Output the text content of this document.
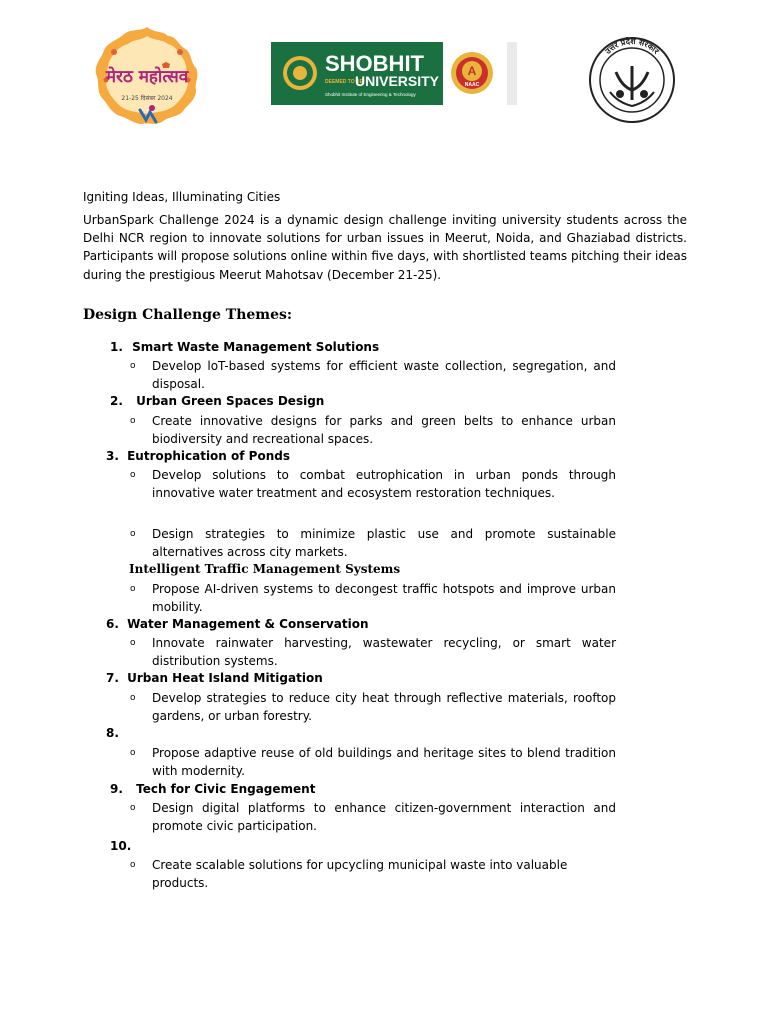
मेरठ महोत्सव
21-25 दिसंबर 2024
SHOBHIT
DEEMED TO BE
UNIVERSITY
Shobhit Institute of Engineering & Technology
A
NAAC
उत्तर प्रदेश सरकार
Igniting Ideas, Illuminating Cities
UrbanSpark Challenge 2024 is a dynamic design challenge inviting university students across the Delhi NCR region to innovate solutions for urban issues in Meerut, Noida, and Ghaziabad districts. Participants will propose solutions online within five days, with shortlisted teams pitching their ideas during the prestigious Meerut Mahotsav (December 21-25).
Design Challenge Themes:
1. Smart Waste Management Solutions
o Develop loT-based systems for efficient waste collection, segregation, and disposal.
2. Urban Green Spaces Design
o Create innovative designs for parks and green belts to enhance urban biodiversity and recreational spaces.
3. Eutrophication of Ponds
o Develop solutions to combat eutrophication in urban ponds through innovative water treatment and ecosystem restoration techniques.
o Design strategies to minimize plastic use and promote sustainable alternatives across city markets.
Intelligent Traffic Management Systems
o Propose AI-driven systems to decongest traffic hotspots and improve urban mobility.
6. Water Management & Conservation
o Innovate rainwater harvesting, wastewater recycling, or smart water distribution systems.
7. Urban Heat Island Mitigation
o Develop strategies to reduce city heat through reflective materials, rooftop gardens, or urban forestry.
8.
o Propose adaptive reuse of old buildings and heritage sites to blend tradition with modernity.
9. Tech for Civic Engagement
o Design digital platforms to enhance citizen-government interaction and promote civic participation.
10.
o Create scalable solutions for upcycling municipal waste into valuable products.
